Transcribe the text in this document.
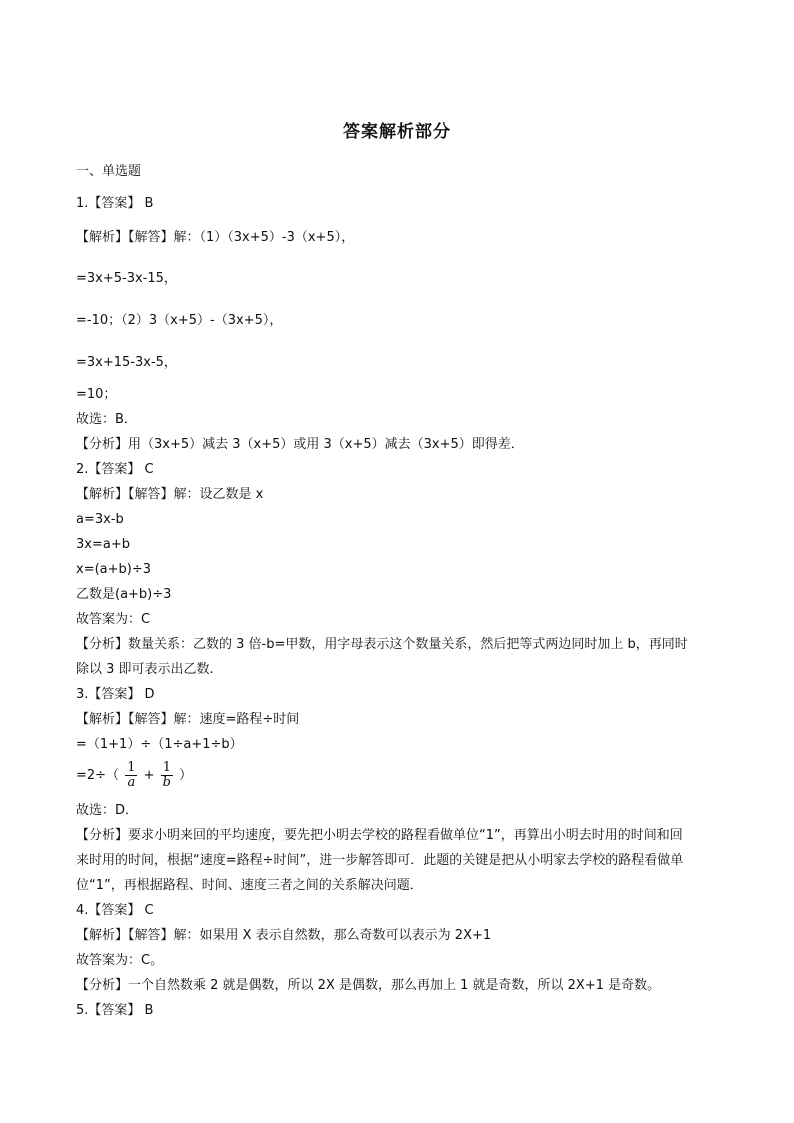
答案解析部分
一、单选题
1.【答案】 B
【解析】【解答】解：（1）（3x+5）-3（x+5），
=3x+5-3x-15，
=-10；（2）3（x+5）-（3x+5），
=3x+15-3x-5，
=10；
故选：B．
【分析】用（3x+5）减去 3（x+5）或用 3（x+5）减去（3x+5）即得差．
2.【答案】 C
【解析】【解答】解：设乙数是 x
a=3x-b
3x=a+b
x=(a+b)÷3
乙数是(a+b)÷3
故答案为：C
【分析】数量关系：乙数的 3 倍-b=甲数，用字母表示这个数量关系，然后把等式两边同时加上 b，再同时
除以 3 即可表示出乙数.
3.【答案】 D
【解析】【解答】解：速度=路程÷时间
=（1+1）÷（1÷a+1÷b）
$=2\div( \frac{1}{a} + \frac{1}{b}$ ）
故选：D．
【分析】要求小明来回的平均速度，要先把小明去学校的路程看做单位“1”，再算出小明去时用的时间和回
来时用的时间，根据“速度=路程÷时间”，进一步解答即可．此题的关键是把从小明家去学校的路程看做单
位“1”，再根据路程、时间、速度三者之间的关系解决问题．
4.【答案】 C
【解析】【解答】解：如果用 X 表示自然数，那么奇数可以表示为 2X+1
故答案为：C。
【分析】一个自然数乘 2 就是偶数，所以 2X 是偶数，那么再加上 1 就是奇数，所以 2X+1 是奇数。
5.【答案】 B
